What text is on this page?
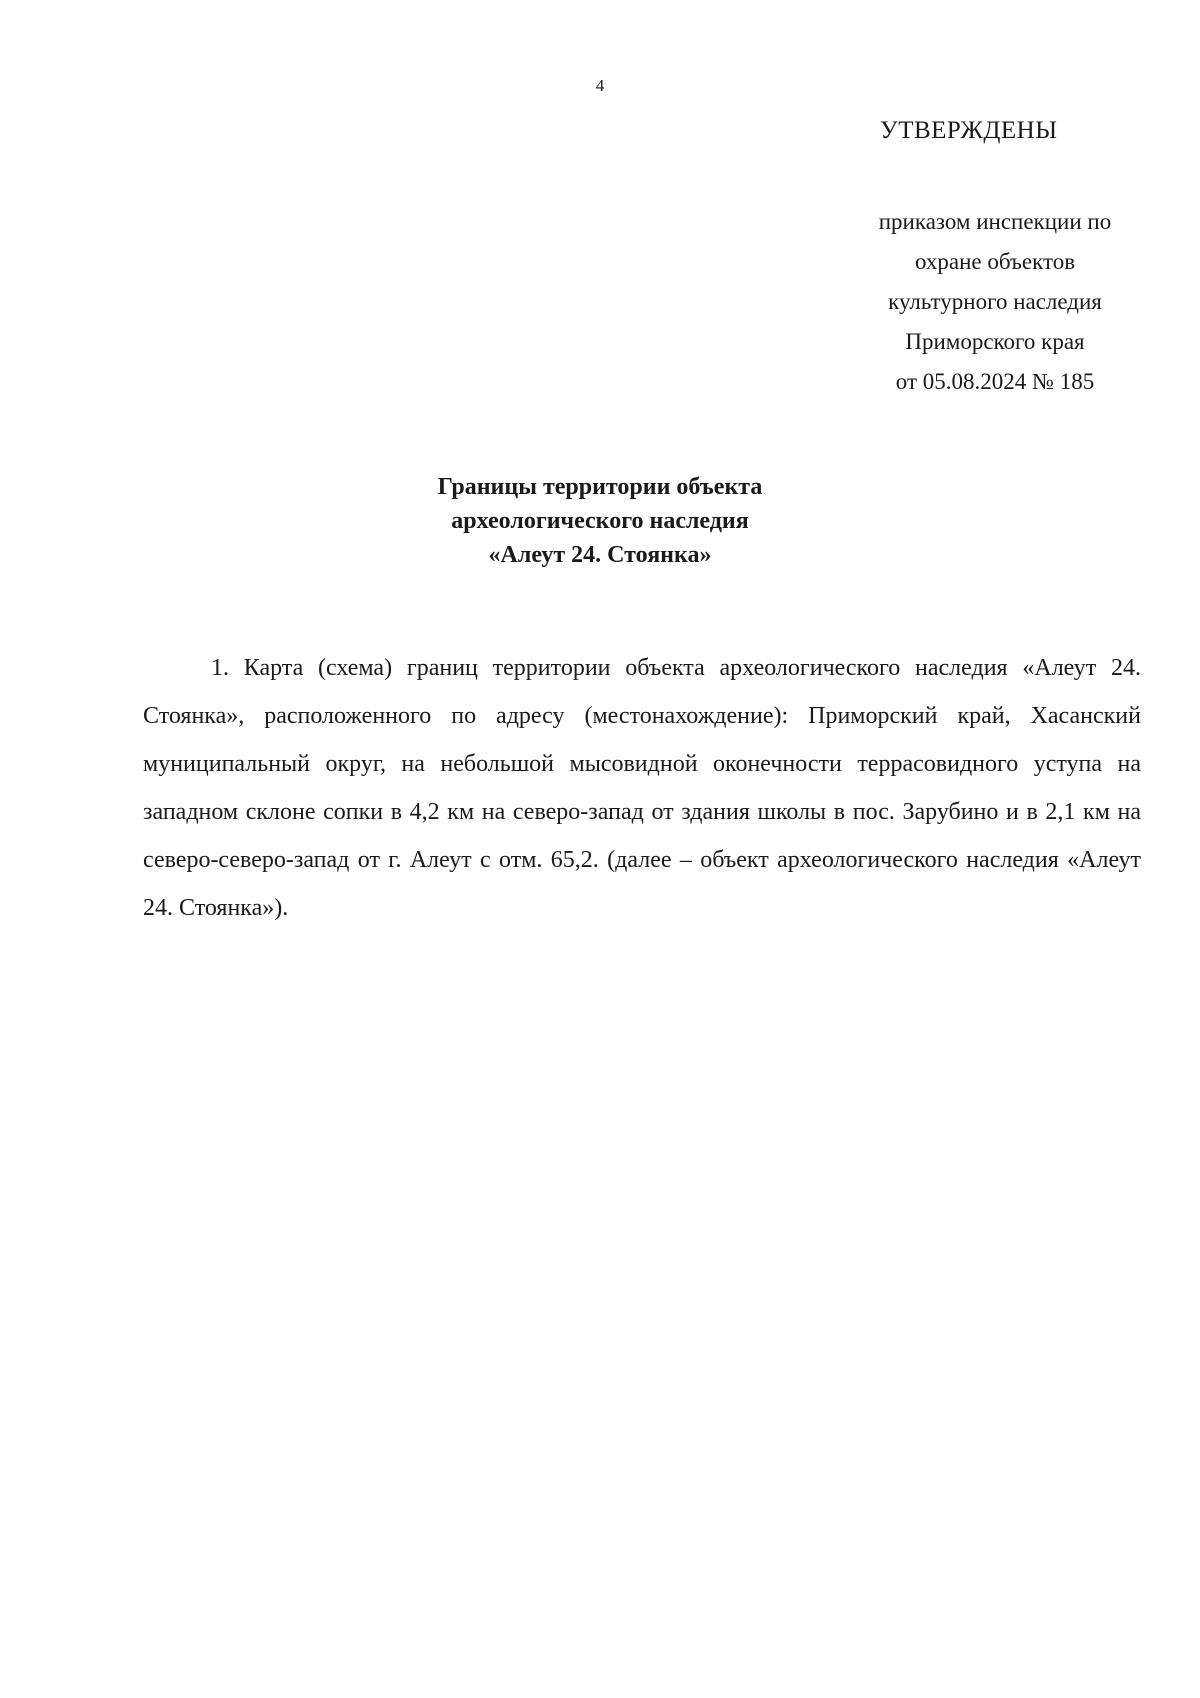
4
УТВЕРЖДЕНЫ
приказом инспекции по
охране объектов
культурного наследия
Приморского края
от 05.08.2024 № 185
Границы территории объекта
археологического наследия
«Алеут 24. Стоянка»

1. Карта (схема) границ территории объекта археологического наследия «Алеут 24. Стоянка», расположенного по адресу (местонахождение): Приморский край, Хасанский муниципальный округ, на небольшой мысовидной оконечности террасовидного уступа на западном склоне сопки в 4,2 км на северо-запад от здания школы в пос. Зарубино и в 2,1 км на северо-северо-запад от г. Алеут с отм. 65,2. (далее – объект археологического наследия «Алеут 24. Стоянка»).
